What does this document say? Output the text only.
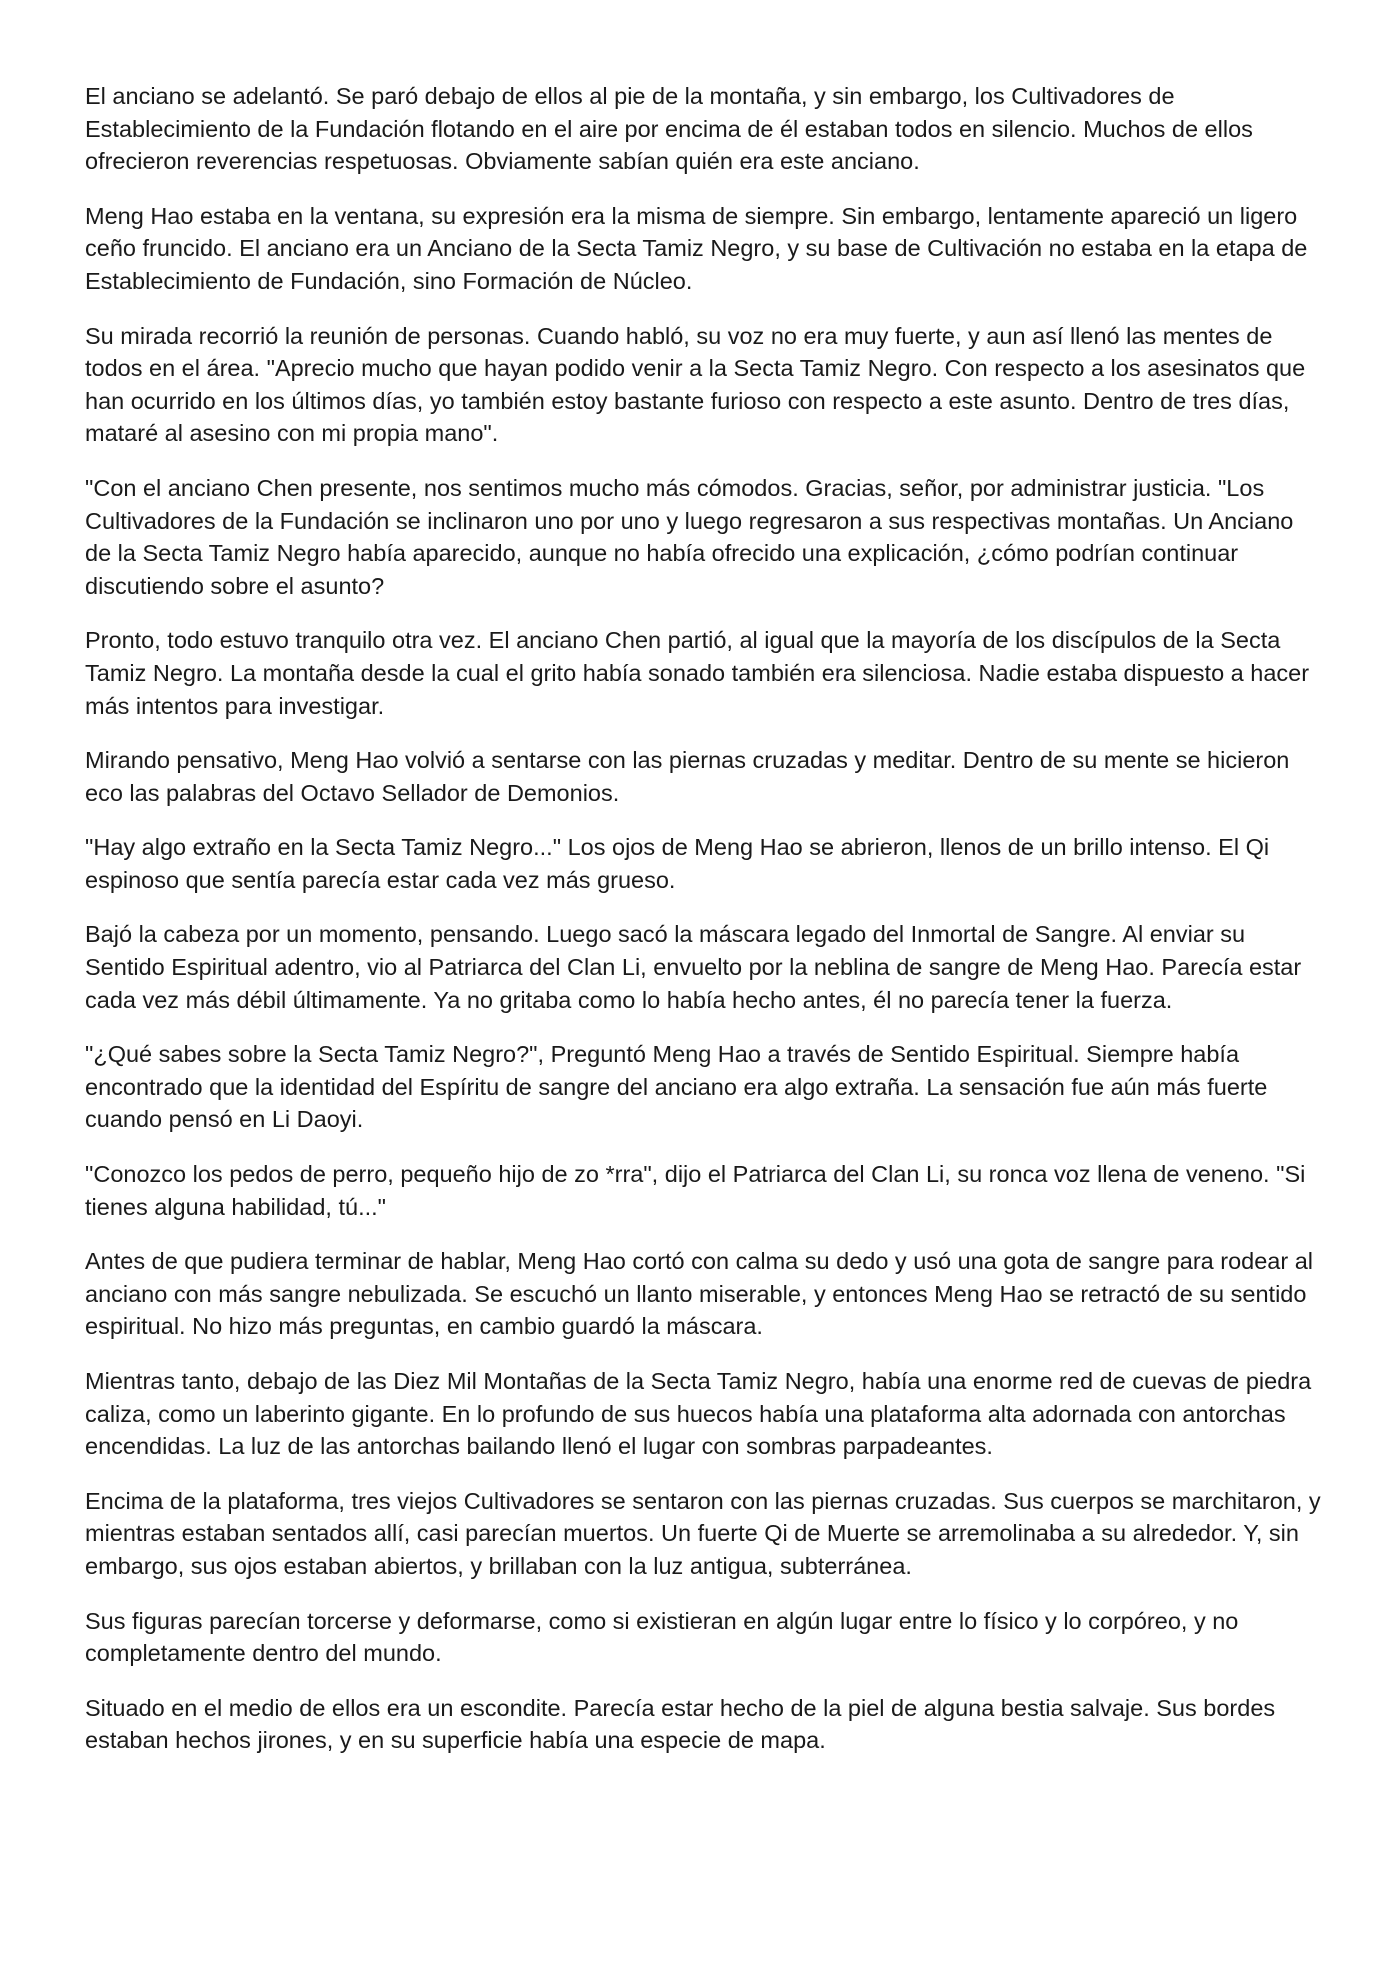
El anciano se adelantó. Se paró debajo de ellos al pie de la montaña, y sin embargo, los Cultivadores de Establecimiento de la Fundación flotando en el aire por encima de él estaban todos en silencio. Muchos de ellos ofrecieron reverencias respetuosas. Obviamente sabían quién era este anciano.

Meng Hao estaba en la ventana, su expresión era la misma de siempre. Sin embargo, lentamente apareció un ligero ceño fruncido. El anciano era un Anciano de la Secta Tamiz Negro, y su base de Cultivación no estaba en la etapa de Establecimiento de Fundación, sino Formación de Núcleo.

Su mirada recorrió la reunión de personas. Cuando habló, su voz no era muy fuerte, y aun así llenó las mentes de todos en el área. "Aprecio mucho que hayan podido venir a la Secta Tamiz Negro. Con respecto a los asesinatos que han ocurrido en los últimos días, yo también estoy bastante furioso con respecto a este asunto. Dentro de tres días, mataré al asesino con mi propia mano".

"Con el anciano Chen presente, nos sentimos mucho más cómodos. Gracias, señor, por administrar justicia. "Los Cultivadores de la Fundación se inclinaron uno por uno y luego regresaron a sus respectivas montañas. Un Anciano de la Secta Tamiz Negro había aparecido, aunque no había ofrecido una explicación, ¿cómo podrían continuar discutiendo sobre el asunto?

Pronto, todo estuvo tranquilo otra vez. El anciano Chen partió, al igual que la mayoría de los discípulos de la Secta Tamiz Negro. La montaña desde la cual el grito había sonado también era silenciosa. Nadie estaba dispuesto a hacer más intentos para investigar.

Mirando pensativo, Meng Hao volvió a sentarse con las piernas cruzadas y meditar. Dentro de su mente se hicieron eco las palabras del Octavo Sellador de Demonios.

"Hay algo extraño en la Secta Tamiz Negro..." Los ojos de Meng Hao se abrieron, llenos de un brillo intenso. El Qi espinoso que sentía parecía estar cada vez más grueso.

Bajó la cabeza por un momento, pensando. Luego sacó la máscara legado del Inmortal de Sangre. Al enviar su Sentido Espiritual adentro, vio al Patriarca del Clan Li, envuelto por la neblina de sangre de Meng Hao. Parecía estar cada vez más débil últimamente. Ya no gritaba como lo había hecho antes, él no parecía tener la fuerza.

"¿Qué sabes sobre la Secta Tamiz Negro?", Preguntó Meng Hao a través de Sentido Espiritual. Siempre había encontrado que la identidad del Espíritu de sangre del anciano era algo extraña. La sensación fue aún más fuerte cuando pensó en Li Daoyi.

"Conozco los pedos de perro, pequeño hijo de zo *rra", dijo el Patriarca del Clan Li, su ronca voz llena de veneno. "Si tienes alguna habilidad, tú..."

Antes de que pudiera terminar de hablar, Meng Hao cortó con calma su dedo y usó una gota de sangre para rodear al anciano con más sangre nebulizada. Se escuchó un llanto miserable, y entonces Meng Hao se retractó de su sentido espiritual. No hizo más preguntas, en cambio guardó la máscara.

Mientras tanto, debajo de las Diez Mil Montañas de la Secta Tamiz Negro, había una enorme red de cuevas de piedra caliza, como un laberinto gigante. En lo profundo de sus huecos había una plataforma alta adornada con antorchas encendidas. La luz de las antorchas bailando llenó el lugar con sombras parpadeantes.

Encima de la plataforma, tres viejos Cultivadores se sentaron con las piernas cruzadas. Sus cuerpos se marchitaron, y mientras estaban sentados allí, casi parecían muertos. Un fuerte Qi de Muerte se arremolinaba a su alrededor. Y, sin embargo, sus ojos estaban abiertos, y brillaban con la luz antigua, subterránea.

Sus figuras parecían torcerse y deformarse, como si existieran en algún lugar entre lo físico y lo corpóreo, y no completamente dentro del mundo.

Situado en el medio de ellos era un escondite. Parecía estar hecho de la piel de alguna bestia salvaje. Sus bordes estaban hechos jirones, y en su superficie había una especie de mapa.
